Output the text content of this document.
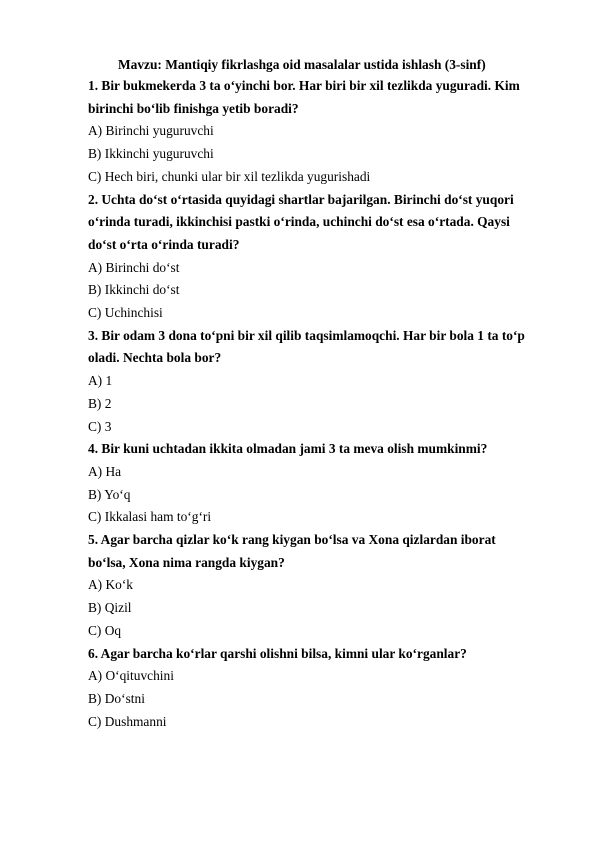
Mavzu: Mantiqiy fikrlashga oid masalalar ustida ishlash (3-sinf)
1. Bir bukmekerda 3 ta o‘yinchi bor. Har biri bir xil tezlikda yuguradi. Kim
birinchi bo‘lib finishga yetib boradi?
A) Birinchi yuguruvchi
B) Ikkinchi yuguruvchi
C) Hech biri, chunki ular bir xil tezlikda yugurishadi
2. Uchta do‘st o‘rtasida quyidagi shartlar bajarilgan. Birinchi do‘st yuqori
o‘rinda turadi, ikkinchisi pastki o‘rinda, uchinchi do‘st esa o‘rtada. Qaysi
do‘st o‘rta o‘rinda turadi?
A) Birinchi do‘st
B) Ikkinchi do‘st
C) Uchinchisi
3. Bir odam 3 dona to‘pni bir xil qilib taqsimlamoqchi. Har bir bola 1 ta to‘p
oladi. Nechta bola bor?
A) 1
B) 2
C) 3
4. Bir kuni uchtadan ikkita olmadan jami 3 ta meva olish mumkinmi?
A) Ha
B) Yo‘q
C) Ikkalasi ham to‘g‘ri
5. Agar barcha qizlar ko‘k rang kiygan bo‘lsa va Xona qizlardan iborat
bo‘lsa, Xona nima rangda kiygan?
A) Ko‘k
B) Qizil
C) Oq
6. Agar barcha ko‘rlar qarshi olishni bilsa, kimni ular ko‘rganlar?
A) O‘qituvchini
B) Do‘stni
C) Dushmanni
